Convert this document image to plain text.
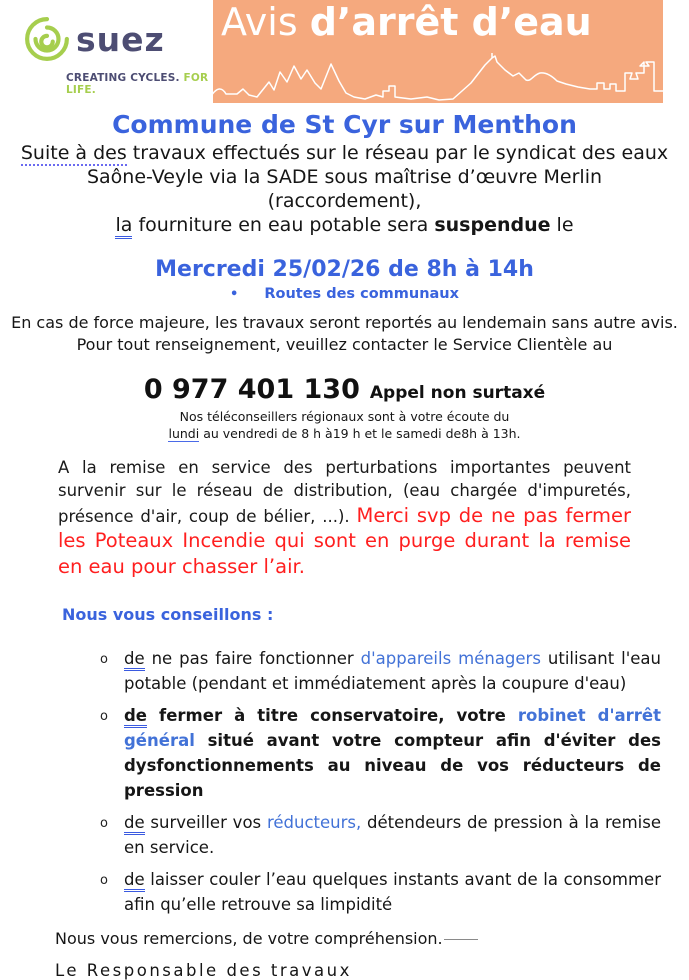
suez
CREATING CYCLES. FOR LIFE.
Avis d’arrêt d’eau
Commune de St Cyr sur Menthon
Suite à des travaux effectués sur le réseau par le syndicat des eaux
Saône-Veyle via la SADE sous maîtrise d’œuvre Merlin
(raccordement),
la fourniture en eau potable sera suspendue le
Mercredi 25/02/26 de 8h à 14h
• Routes des communaux
En cas de force majeure, les travaux seront reportés au lendemain sans autre avis.
Pour tout renseignement, veuillez contacter le Service Clientèle au
0 977 401 130 Appel non surtaxé
Nos téléconseillers régionaux sont à votre écoute du
lundi au vendredi de 8 h à19 h et le samedi de8h à 13h.
A la remise en service des perturbations importantes peuvent survenir sur le réseau de distribution, (eau chargée d'impuretés, présence d'air, coup de bélier, ...). Merci svp de ne pas fermer les Poteaux Incendie qui sont en purge durant la remise en eau pour chasser l’air.
Nous vous conseillons :
o de ne pas faire fonctionner d'appareils ménagers utilisant l'eau potable (pendant et immédiatement après la coupure d'eau)
o de fermer à titre conservatoire, votre robinet d'arrêt général situé avant votre compteur afin d'éviter des dysfonctionnements au niveau de vos réducteurs de pression
o de surveiller vos réducteurs, détendeurs de pression à la remise en service.
o de laisser couler l’eau quelques instants avant de la consommer afin qu’elle retrouve sa limpidité
Nous vous remercions, de votre compréhension.
Le Responsable des travaux
